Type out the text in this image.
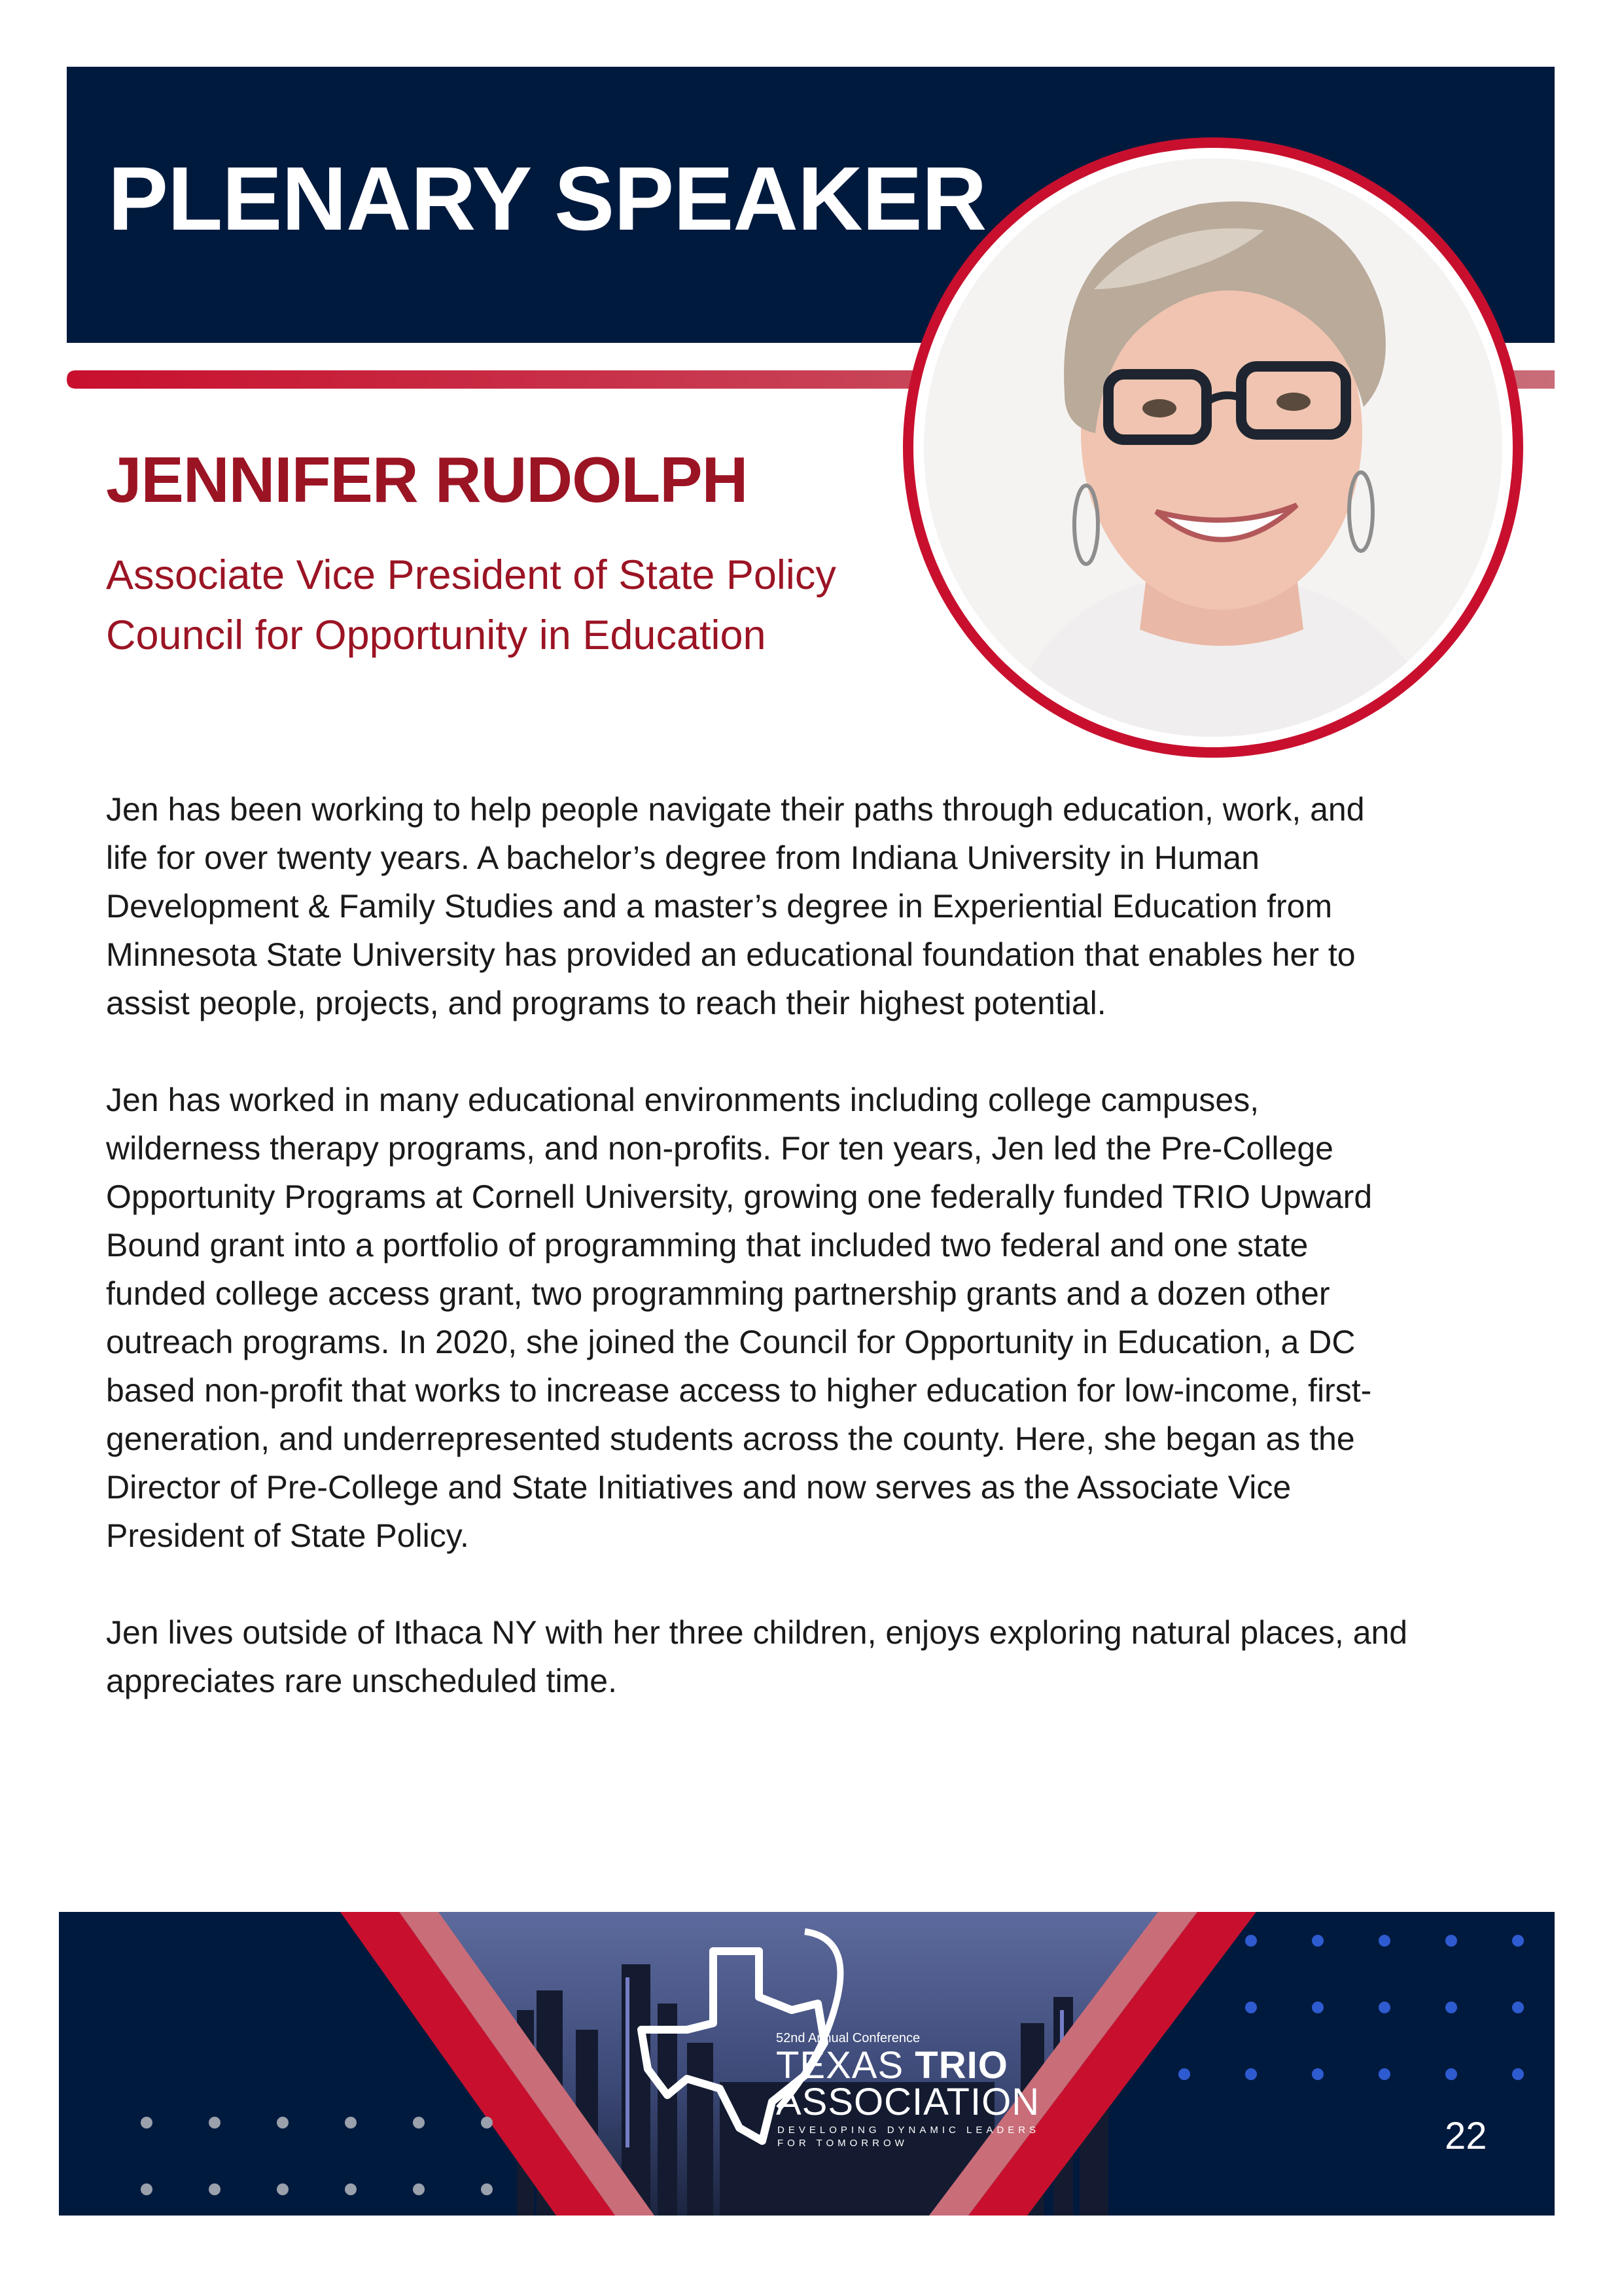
PLENARY SPEAKER
JENNIFER RUDOLPH
Associate Vice President of State Policy
Council for Opportunity in Education

Jen has been working to help people navigate their paths through education, work, and life for over twenty years. A bachelor’s degree from Indiana University in Human Development & Family Studies and a master’s degree in Experiential Education from Minnesota State University has provided an educational foundation that enables her to assist people, projects, and programs to reach their highest potential.

Jen has worked in many educational environments including college campuses, wilderness therapy programs, and non-profits. For ten years, Jen led the Pre-College Opportunity Programs at Cornell University, growing one federally funded TRIO Upward Bound grant into a portfolio of programming that included two federal and one state funded college access grant, two programming partnership grants and a dozen other outreach programs. In 2020, she joined the Council for Opportunity in Education, a DC based non-profit that works to increase access to higher education for low-income, first-generation, and underrepresented students across the county. Here, she began as the Director of Pre-College and State Initiatives and now serves as the Associate Vice President of State Policy.

Jen lives outside of Ithaca NY with her three children, enjoys exploring natural places, and appreciates rare unscheduled time.

52nd Annual Conference
TEXAS TRIO
ASSOCIATION
DEVELOPING DYNAMIC LEADERS
FOR TOMORROW	22
